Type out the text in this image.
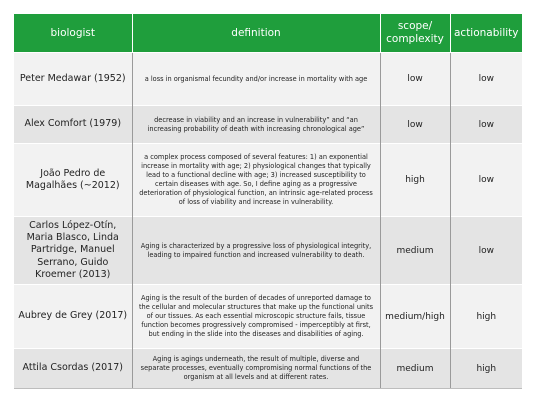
biologist	definition	scope/ complexity	actionability
Peter Medawar (1952)	a loss in organismal fecundity and/or increase in mortality with age	low	low
Alex Comfort (1979)	decrease in viability and an increase in vulnerability” and “an increasing probability of death with increasing chronological age”	low	low
João Pedro de Magalhães (~2012)	a complex process composed of several features: 1) an exponential increase in mortality with age; 2) physiological changes that typically lead to a functional decline with age; 3) increased susceptibility to certain diseases with age. So, I define aging as a progressive deterioration of physiological function, an intrinsic age-related process of loss of viability and increase in vulnerability.	high	low
Carlos López-Otín, Maria Blasco, Linda Partridge, Manuel Serrano, Guido Kroemer (2013)	Aging is characterized by a progressive loss of physiological integrity, leading to impaired function and increased vulnerability to death.	medium	low
Aubrey de Grey (2017)	Aging is the result of the burden of decades of unreported damage to the cellular and molecular structures that make up the functional units of our tissues. As each essential microscopic structure fails, tissue function becomes progressively compromised - imperceptibly at first, but ending in the slide into the diseases and disabilities of aging.	medium/high	high
Attila Csordas (2017)	Aging is agings underneath, the result of multiple, diverse and separate processes, eventually compromising normal functions of the organism at all levels and at different rates.	medium	high
